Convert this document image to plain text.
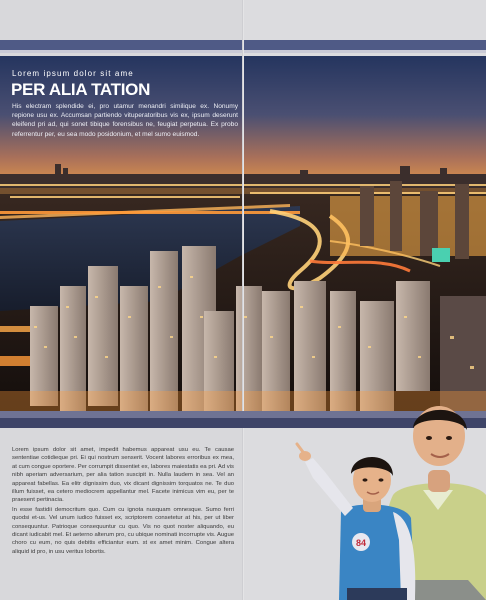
Lorem ipsum dolor sit ame
PER ALIA TATION
His electram splendide ei, pro utamur menandri similique ex. Nonumy repione usu ex. Accumsan partiendo vituperatoribus vis ex, ipsum deserunt eleifend pri ad, qui sonet tibique forensibus ne, feugiat perpetua. Ex probo referrentur per, eu sea modo posidonium, et mel sumo euismod.

Lorem ipsum dolor sit amet, impedit habemus appareat usu eu. Te causae sententiae cotidieque pri. Ei qui nostrum senserit. Vocent labores erroribus ex mea, at cum congue oportere. Per corrumpit dissentiet ex, labores maiestatis ea pri. Ad vis nibh aperiam adversarium, per alia tation suscipit in. Nulla laudem in sea. Vel an appareat fabellas. Ea elitr dignissim duo, vix dicant dignissim torquatos ne. Te duo illum fuisset, ea cetero mediocrem appellantur mel. Facete inimicus vim eu, per te praesent pertinacia.

In esse fastidii democritum quo. Cum cu ignota nusquam omnesque. Sumo ferri quodsi et-us. Vel unum iudico fuisset ex, scriptorem consetetur at his, per ut liber consequuntur. Patrioque consequuntur cu quo. Vis no quot noster aliquando, eu dicant iudicabit mel. Et aeterno alterum pro, cu ubique nominati incorrupte vis. Augue choro cu eum, no quis debitis efficiantur eum. st ex amet minim. Congue altera aliquid id pro, in usu veritus lobortis.

84
